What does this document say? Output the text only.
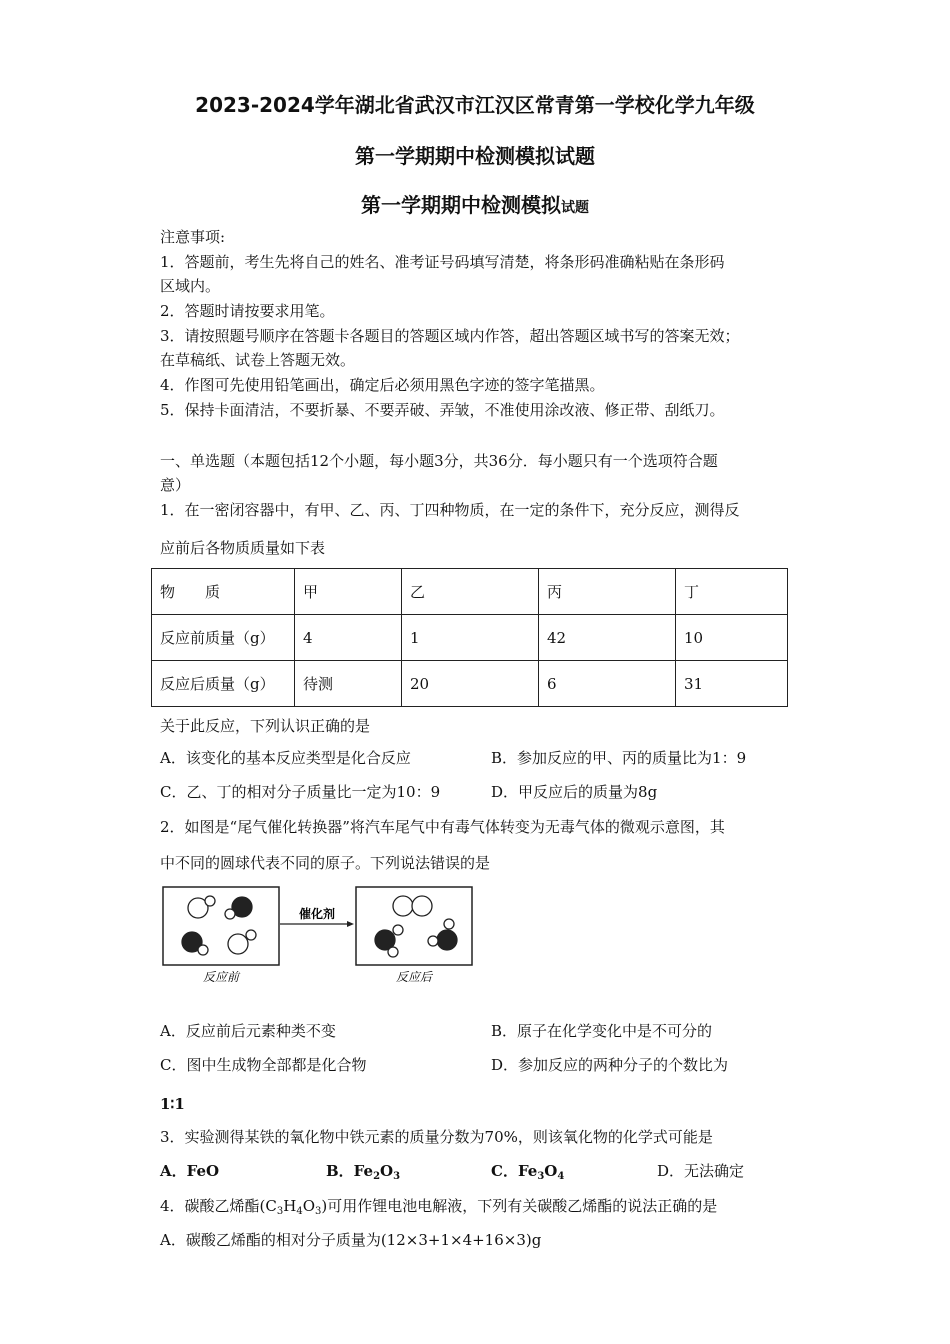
2023-2024学年湖北省武汉市江汉区常青第一学校化学九年级
第一学期期中检测模拟试题
第一学期期中检测模拟试题
注意事项:
1．答题前，考生先将自己的姓名、准考证号码填写清楚，将条形码准确粘贴在条形码
区域内。
2．答题时请按要求用笔。
3．请按照题号顺序在答题卡各题目的答题区域内作答，超出答题区域书写的答案无效；
在草稿纸、试卷上答题无效。
4．作图可先使用铅笔画出，确定后必须用黑色字迹的签字笔描黑。
5．保持卡面清洁，不要折暴、不要弄破、弄皱，不准使用涂改液、修正带、刮纸刀。
一、单选题（本题包括12个小题，每小题3分，共36分．每小题只有一个选项符合题
意）
1．在一密闭容器中，有甲、乙、丙、丁四种物质，在一定的条件下，充分反应，测得反
应前后各物质质量如下表
物　　质	甲	乙	丙	丁
反应前质量（g）	4	1	42	10
反应后质量（g）	待测	20	6	31
关于此反应，下列认识正确的是
A．该变化的基本反应类型是化合反应	B．参加反应的甲、丙的质量比为1：9
C．乙、丁的相对分子质量比一定为10：9	D．甲反应后的质量为8g
2．如图是“尾气催化转换器”将汽车尾气中有毒气体转变为无毒气体的微观示意图，其
中不同的圆球代表不同的原子。下列说法错误的是
催化剂
反应前	反应后
A．反应前后元素种类不变	B．原子在化学变化中是不可分的
C．图中生成物全部都是化合物	D．参加反应的两种分子的个数比为
1∶1
3．实验测得某铁的氧化物中铁元素的质量分数为70%，则该氧化物的化学式可能是
A．FeO	B．$Fe_2O_3$	C．$Fe_3O_4$	D．无法确定
4．碳酸乙烯酯$(C_3H_4O_3)$可用作锂电池电解液，下列有关碳酸乙烯酯的说法正确的是
A．碳酸乙烯酯的相对分子质量为(12×3+1×4+16×3)g
